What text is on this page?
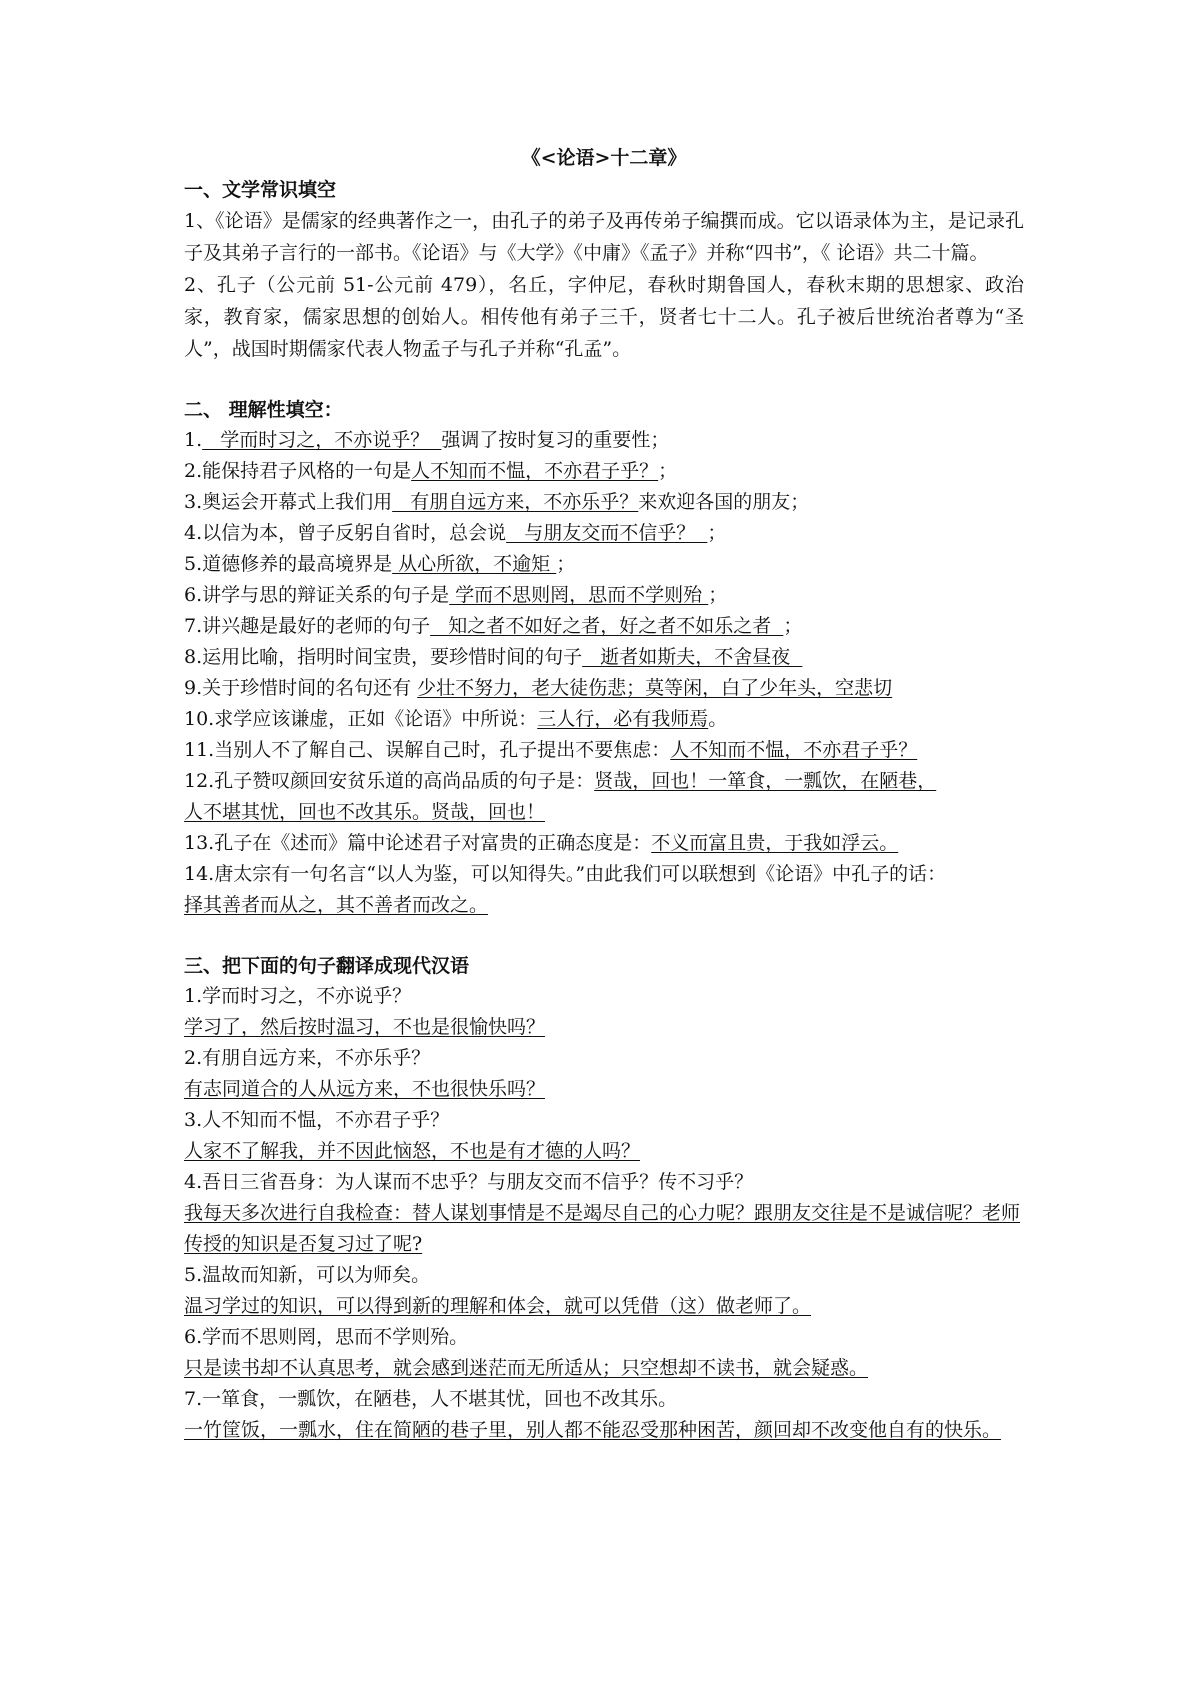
《<论语>十二章》
一、文学常识填空

1、《论语》是儒家的经典著作之一，由孔子的弟子及再传弟子编撰而成。它以语录体为主，是记录孔子及其弟子言行的一部书。《论语》与《大学》《中庸》《孟子》并称“四书”，《 论语》共二十篇。

2、孔子（公元前 51-公元前 479），名丘，字仲尼，春秋时期鲁国人，春秋末期的思想家、政治家，教育家，儒家思想的创始人。相传他有弟子三千，贤者七十二人。孔子被后世统治者尊为“圣人”，战国时期儒家代表人物孟子与孔子并称“孔孟”。

二、 理解性填空：
1.   学而时习之，不亦说乎？  强调了按时复习的重要性；
2.能保持君子风格的一句是人不知而不愠，不亦君子乎？；
3.奥运会开幕式上我们用   有朋自远方来，不亦乐乎？来欢迎各国的朋友；
4.以信为本，曾子反躬自省时，总会说   与朋友交而不信乎？  ；
5.道德修养的最高境界是 从心所欲，不逾矩 ；
6.讲学与思的辩证关系的句子是 学而不思则罔，思而不学则殆 ；
7.讲兴趣是最好的老师的句子   知之者不如好之者，好之者不如乐之者  ；
8.运用比喻，指明时间宝贵，要珍惜时间的句子   逝者如斯夫，不舍昼夜
9.关于珍惜时间的名句还有 少壮不努力，老大徒伤悲；莫等闲，白了少年头，空悲切
10.求学应该谦虚，正如《论语》中所说：三人行，必有我师焉。
11.当别人不了解自己、误解自己时，孔子提出不要焦虑：人不知而不愠，不亦君子乎？

12.孔子赞叹颜回安贫乐道的高尚品质的句子是：贤哉，回也！一箪食，一瓢饮，在陋巷，
人不堪其忧，回也不改其乐。贤哉，回也！

13.孔子在《述而》篇中论述君子对富贵的正确态度是：不义而富且贵，于我如浮云。

14.唐太宗有一句名言“以人为鉴，可以知得失。”由此我们可以联想到《论语》中孔子的话：
择其善者而从之，其不善者而改之。

三、把下面的句子翻译成现代汉语

1.学而时习之，不亦说乎？

学习了，然后按时温习，不也是很愉快吗？

2.有朋自远方来，不亦乐乎？

有志同道合的人从远方来，不也很快乐吗？

3.人不知而不愠，不亦君子乎？

人家不了解我，并不因此恼怒，不也是有才德的人吗？

4.吾日三省吾身：为人谋而不忠乎？与朋友交而不信乎？传不习乎？

我每天多次进行自我检查：替人谋划事情是不是竭尽自己的心力呢？跟朋友交往是不是诚信呢？老师传授的知识是否复习过了呢?

5.温故而知新，可以为师矣。

温习学过的知识，可以得到新的理解和体会，就可以凭借（这）做老师了。

6.学而不思则罔，思而不学则殆。

只是读书却不认真思考，就会感到迷茫而无所适从；只空想却不读书，就会疑惑。

7.一箪食，一瓢饮，在陋巷，人不堪其忧，回也不改其乐。

一竹筐饭，一瓢水，住在简陋的巷子里，别人都不能忍受那种困苦，颜回却不改变他自有的快乐。
